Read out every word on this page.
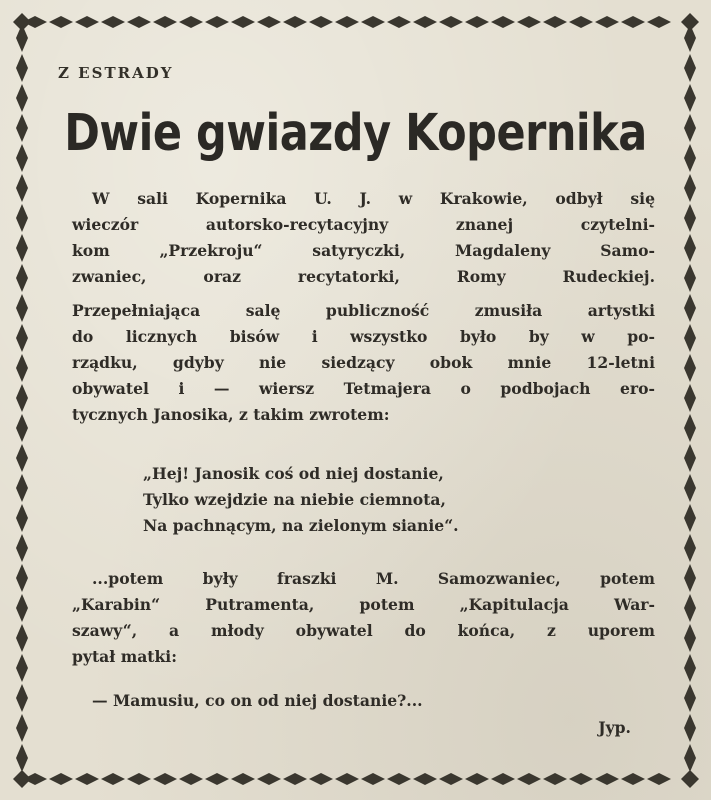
Z ESTRADY
Dwie gwiazdy Kopernika
W sali Kopernika U. J. w Krakowie, odbył się
wieczór autorsko-recytacyjny znanej czytelni-
kom „Przekroju“ satyryczki, Magdaleny Samo-
zwaniec, oraz recytatorki, Romy Rudeckiej.
Przepełniająca salę publiczność zmusiła artystki
do licznych bisów i wszystko było by w po-
rządku, gdyby nie siedzący obok mnie 12-letni
obywatel i — wiersz Tetmajera o podbojach ero-
tycznych Janosika, z takim zwrotem:
„Hej! Janosik coś od niej dostanie,
Tylko wzejdzie na niebie ciemnota,
Na pachnącym, na zielonym sianie“.
...potem były fraszki M. Samozwaniec, potem
„Karabin“ Putramenta, potem „Kapitulacja War-
szawy“, a młody obywatel do końca, z uporem
pytał matki:
— Mamusiu, co on od niej dostanie?...
Jyp.
